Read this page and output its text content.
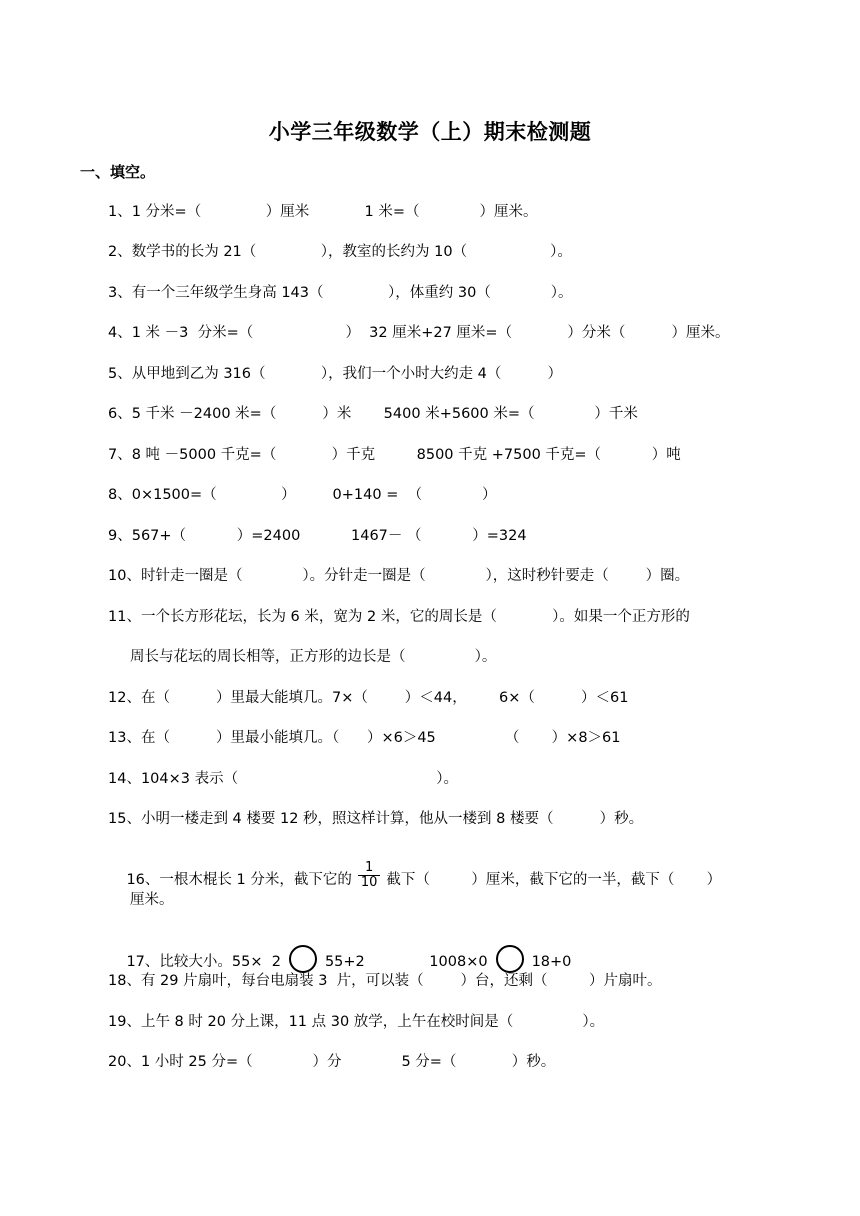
小学三年级数学（上）期末检测题
一、填空。
1、1 分米=（              ）厘米            1 米=（             ）厘米。
2、数学书的长为 21（              ），教室的长约为 10（                  ）。
3、有一个三年级学生身高 143（              ），体重约 30（             ）。
4、1 米 －3  分米=（                    ）  32 厘米+27 厘米=（            ）分米（          ）厘米。
5、从甲地到乙为 316（            ），我们一个小时大约走 4（          ）
6、5 千米 －2400 米=（          ）米       5400 米+5600 米=（             ）千米
7、8 吨 －5000 千克=（            ）千克         8500 千克 +7500 千克=（           ）吨
8、0×1500=（              ）        0+140 =  （             ）
9、567+（           ）=2400           1467－ （           ）=324
10、时针走一圈是（             ）。分针走一圈是（             ），这时秒针要走（        ）圈。
11、一个长方形花坛，长为 6 米，宽为 2 米，它的周长是（            ）。如果一个正方形的
周长与花坛的周长相等，正方形的边长是（               ）。
12、在（          ）里最大能填几。7×（        ）＜44，       6×（          ）＜61
13、在（          ）里最小能填几。（      ）×6＞45               （       ）×8＞61
14、104×3 表示（                                           ）。
15、小明一楼走到 4 楼要 12 秒，照这样计算，他从一楼到 8 楼要（          ）秒。

16、一根木棍长 1 分米，截下它的 $\frac{1}{10}$ 截下（         ）厘米，截下它的一半，截下（       ）

厘米。

17、比较大小。55×  2	55+2              1008×0	18+0

18、有 29 片扇叶，每台电扇装 3  片，可以装（        ）台，还剩（         ）片扇叶。
19、上午 8 时 20 分上课，11 点 30 放学，上午在校时间是（               ）。
20、1 小时 25 分=（             ）分             5 分=（            ）秒。
